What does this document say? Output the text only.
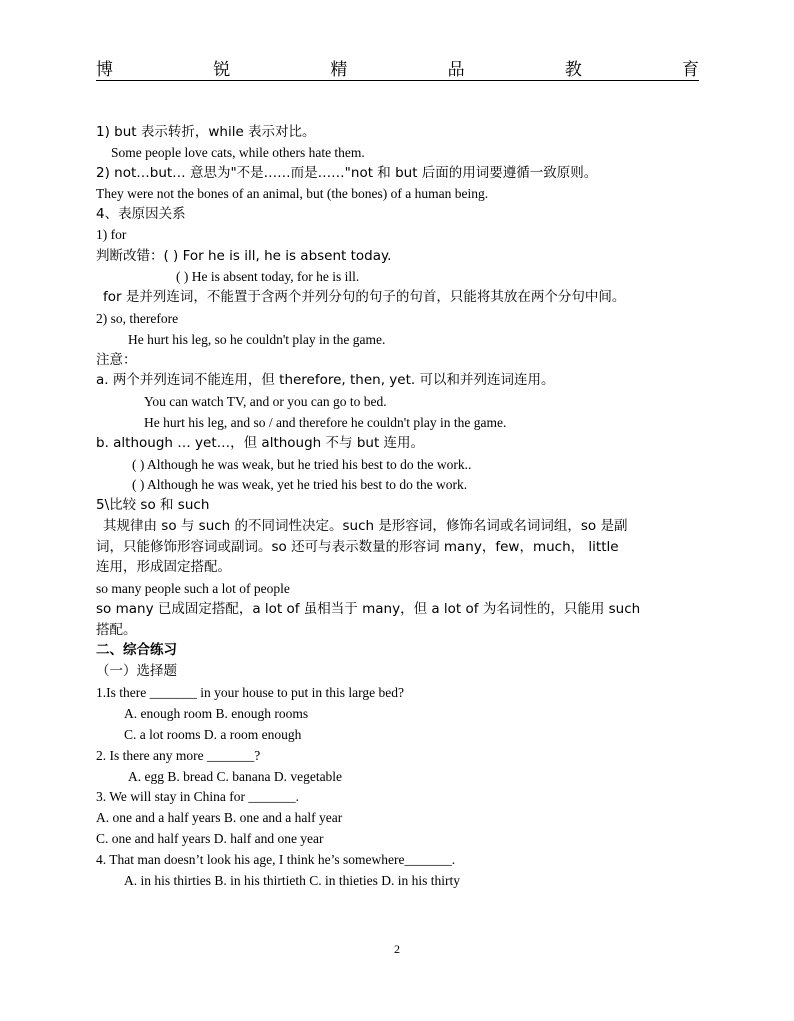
博	锐	精	品	教	育
1) but 表示转折，while 表示对比。
Some people love cats, while others hate them.
2) not…but… 意思为"不是……而是……"not 和 but 后面的用词要遵循一致原则。
They were not the bones of an animal, but (the bones) of a human being.
4、表原因关系
1) for
判断改错：( ) For he is ill, he is absent today.
( ) He is absent today, for he is ill.
for 是并列连词，不能置于含两个并列分句的句子的句首，只能将其放在两个分句中间。
2) so, therefore
He hurt his leg, so he couldn't play in the game.
注意：
a. 两个并列连词不能连用，但 therefore, then, yet. 可以和并列连词连用。
You can watch TV, and or you can go to bed.
He hurt his leg, and so / and therefore he couldn't play in the game.
b. although … yet…，但 although 不与 but 连用。
( ) Although he was weak, but he tried his best to do the work..
( ) Although he was weak, yet he tried his best to do the work.
5\比较 so 和 such
其规律由 so 与 such 的不同词性决定。such 是形容词，修饰名词或名词词组，so 是副
词，只能修饰形容词或副词。so 还可与表示数量的形容词 many，few，much， little
连用，形成固定搭配。
so many people such a lot of people
so many 已成固定搭配，a lot of 虽相当于 many，但 a lot of 为名词性的，只能用 such
搭配。
二、综合练习
（一）选择题
1.Is there _______ in your house to put in this large bed?
A. enough room B. enough rooms
C. a lot rooms D. a room enough
2. Is there any more _______?
A. egg B. bread C. banana D. vegetable
3. We will stay in China for _______.
A. one and a half years B. one and a half year
C. one and half years D. half and one year
4. That man doesn’t look his age, I think he’s somewhere_______.
A. in his thirties B. in his thirtieth C. in thieties D. in his thirty
2
